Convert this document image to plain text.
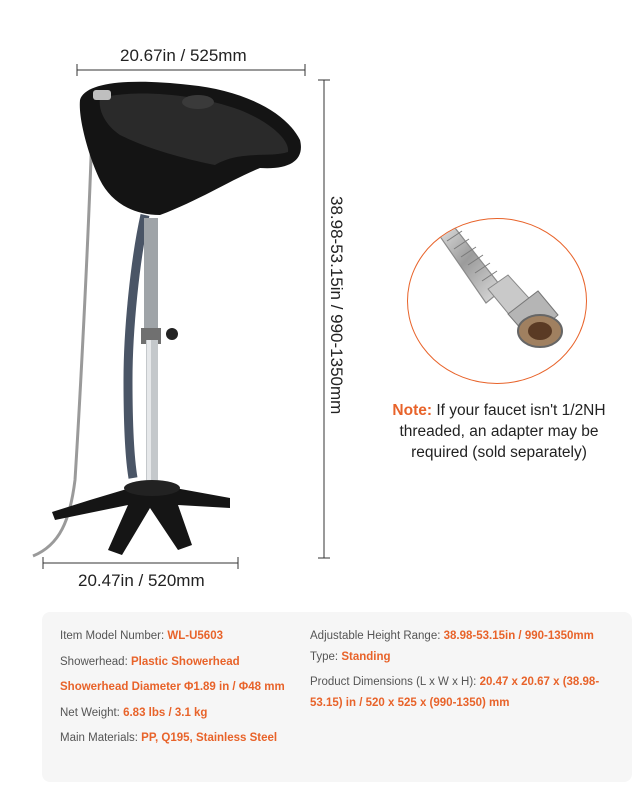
20.67in / 525mm
20.47in / 520mm
38.98-53.15in / 990-1350mm	Note: If your faucet isn't 1/2NH threaded, an adapter may be required (sold separately)
Item Model Number: WL-U5603
Showerhead: Plastic Showerhead
Showerhead Diameter Φ1.89 in / Φ48 mm
Net Weight: 6.83 lbs / 3.1 kg
Main Materials: PP, Q195, Stainless Steel
Adjustable Height Range: 38.98-53.15in / 990-1350mm
Type: Standing
Product Dimensions (L x W x H): 20.47 x 20.67 x (38.98-53.15) in / 520 x 525 x (990-1350) mm
